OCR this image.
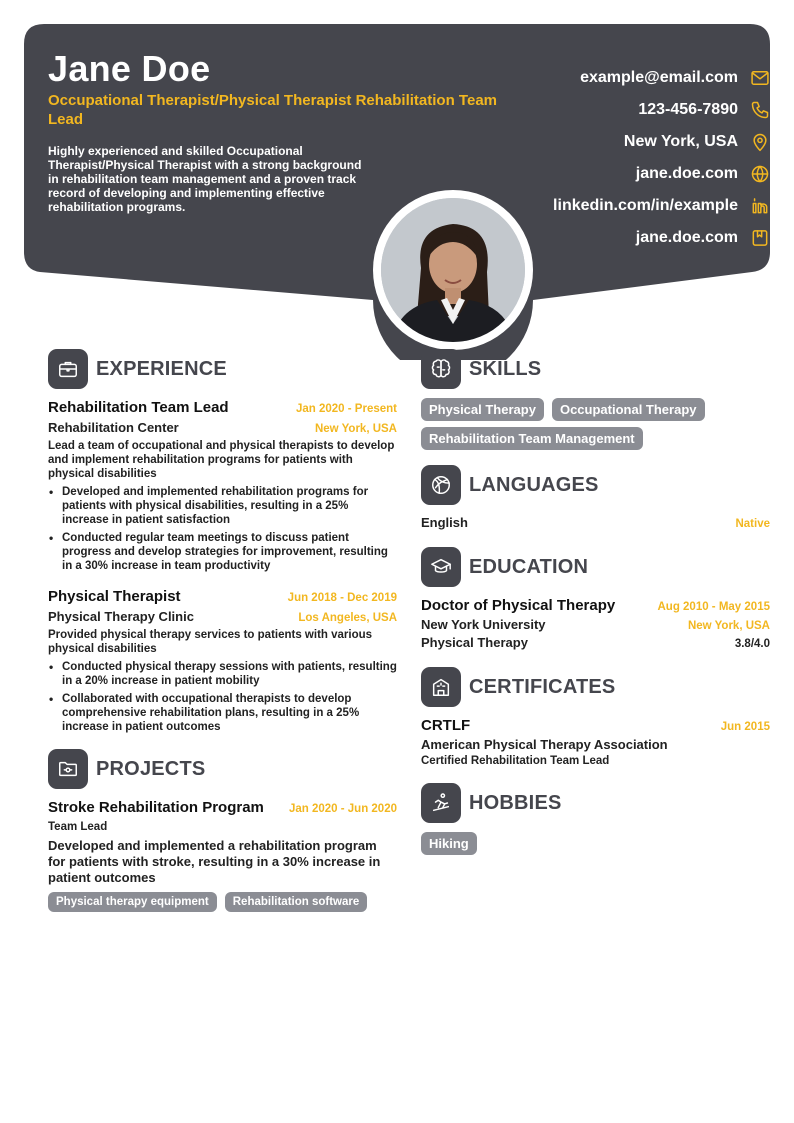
Jane Doe
Occupational Therapist/Physical Therapist Rehabilitation Team Lead
Highly experienced and skilled Occupational Therapist/Physical Therapist with a strong background in rehabilitation team management and a proven track record of developing and implementing effective rehabilitation programs.
example@email.com
123-456-7890
New York, USA
jane.doe.com
linkedin.com/in/example
jane.doe.com
EXPERIENCE
Rehabilitation Team Lead	Jan 2020 - Present
Rehabilitation Center	New York, USA
Lead a team of occupational and physical therapists to develop and implement rehabilitation programs for patients with physical disabilities
• Developed and implemented rehabilitation programs for patients with physical disabilities, resulting in a 25% increase in patient satisfaction
• Conducted regular team meetings to discuss patient progress and develop strategies for improvement, resulting in a 30% increase in team productivity
Physical Therapist	Jun 2018 - Dec 2019
Physical Therapy Clinic	Los Angeles, USA
Provided physical therapy services to patients with various physical disabilities
• Conducted physical therapy sessions with patients, resulting in a 20% increase in patient mobility
• Collaborated with occupational therapists to develop comprehensive rehabilitation plans, resulting in a 25% increase in patient outcomes
PROJECTS
Stroke Rehabilitation Program Jan 2020 - Jun 2020
Team Lead
Developed and implemented a rehabilitation program for patients with stroke, resulting in a 30% increase in patient outcomes
Physical therapy equipment	Rehabilitation software
SKILLS
Physical Therapy	Occupational Therapy
Rehabilitation Team Management
LANGUAGES
English	Native
EDUCATION
Doctor of Physical Therapy	Aug 2010 - May 2015
New York University	New York, USA
Physical Therapy	3.8/4.0
CERTIFICATES
CRTLF	Jun 2015
American Physical Therapy Association
Certified Rehabilitation Team Lead
HOBBIES
Hiking
